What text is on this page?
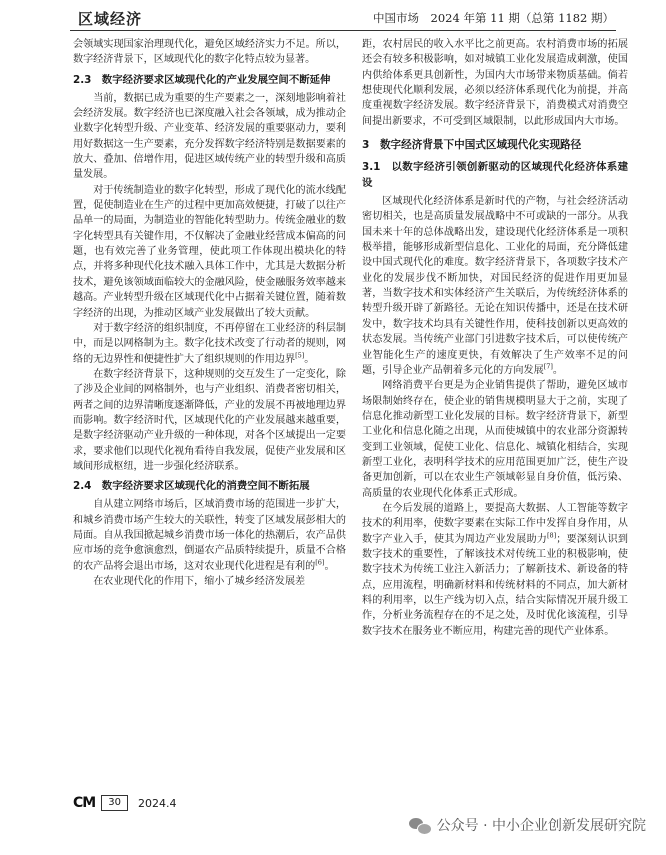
区域经济	中国市场　2024 年第 11 期（总第 1182 期）

会领域实现国家治理现代化，避免区域经济实力不足。所以，数字经济背景下，区域现代化的数字化特点较为显著。

2.3　数字经济要求区域现代化的产业发展空间不断延伸

当前，数据已成为重要的生产要素之一，深刻地影响着社会经济发展。数字经济也已深度融入社会各领域，成为推动企业数字化转型升级、产业变革、经济发展的重要驱动力，要利用好数据这一生产要素，充分发挥数字经济特别是数据要素的放大、叠加、倍增作用，促进区域传统产业的转型升级和高质量发展。

对于传统制造业的数字化转型，形成了现代化的流水线配置，促使制造业在生产的过程中更加高效便捷，打破了以往产品单一的局面，为制造业的智能化转型助力。传统金融业的数字化转型具有关键作用，不仅解决了金融业经营成本偏高的问题，也有效完善了业务管理，使此项工作体现出模块化的特点，并将多种现代化技术融入具体工作中，尤其是大数据分析技术，避免该领域面临较大的金融风险，使金融服务效率越来越高。产业转型升级在区域现代化中占据着关键位置，随着数字经济的出现，为推动区域产业发展做出了较大贡献。

对于数字经济的组织制度，不再停留在工业经济的科层制中，而是以网格制为主。数字化技术改变了行动者的规则，网络的无边界性和便捷性扩大了组织规则的作用边界[5]。

在数字经济背景下，这种规则的交互发生了一定变化，除了涉及企业间的网格制外，也与产业组织、消费者密切相关，两者之间的边界清晰度逐渐降低，产业的发展不再被地理边界而影响。数字经济时代，区域现代化的产业发展越来越重要，是数字经济驱动产业升级的一种体现，对各个区域提出一定要求，要求他们以现代化视角看待自我发展，促使产业发展和区域间形成枢纽，进一步强化经济联系。

2.4　数字经济要求区域现代化的消费空间不断拓展

自从建立网络市场后，区域消费市场的范围进一步扩大，和城乡消费市场产生较大的关联性，转变了区域发展彭相大的局面。自从我国掀起城乡消费市场一体化的热潮后，农产品供应市场的竞争愈演愈烈，倒逼农产品质特续提升，质量不合格的农产品将会退出市场，这对农业现代化进程是有利的[6]。

在农业现代化的作用下，缩小了城乡经济发展差

距，农村居民的收入水平比之前更高。农村消费市场的拓展还会有较多积极影响，如对城镇工业化发展造成刺激，使国内供给体系更具创新性，为国内大市场带来物质基础。倘若想使现代化顺利发展，必须以经济体系现代化为前提，并高度重视数字经济发展。数字经济背景下，消费模式对消费空间提出新要求，不可受到区域限制，以此形成国内大市场。

3　数字经济背景下中国式区域现代化实现路径
3.1　以数字经济引领创新驱动的区域现代化经济体系建设

区域现代化经济体系是新时代的产物，与社会经济活动密切相关，也是高质量发展战略中不可或缺的一部分。从我国未来十年的总体战略出发，建设现代化经济体系是一项积极举措，能够形成新型信息化、工业化的局面，充分降低建设中国式现代化的难度。数字经济背景下，各项数字技术产业化的发展步伐不断加快，对国民经济的促进作用更加显著，当数字技术和实体经济产生关联后，为传统经济体系的转型升级开辟了新路径。无论在知识传播中，还是在技术研发中，数字技术均具有关键性作用，使科技创新以更高效的状态发展。当传统产业部门引进数字技术后，可以使传统产业智能化生产的速度更快，有效解决了生产效率不足的问题，引导企业产品朝着多元化的方向发展[7]。

网络消费平台更是为企业销售提供了帮助，避免区域市场限制始终存在，使企业的销售规模明显大于之前，实现了信息化推动新型工业化发展的目标。数字经济背景下，新型工业化和信息化随之出现，从而使城镇中的农业部分资源转变到工业领域，促使工业化、信息化、城镇化相结合，实现新型工业化，表明科学技术的应用范围更加广泛，使生产设备更加创新，可以在农业生产领域彰显自身价值，低污染、高质量的农业现代化体系正式形成。

在今后发展的道路上，要提高大数据、人工智能等数字技术的利用率，使数字要素在实际工作中发挥自身作用，从数字产业入手，使其为周边产业发展助力[8]；要深刻认识到数字技术的重要性，了解该技术对传统工业的积极影响，使数字技术为传统工业注入新活力；了解新技术、新设备的特点，应用流程，明确新材料和传统材料的不同点，加大新材料的利用率，以生产线为切入点，结合实际情况开展升级工作，分析业务流程存在的不足之处，及时优化该流程，引导数字技术在服务业不断应用，构建完善的现代产业体系。

CM	30	2024.4
公众号 · 中小企业创新发展研究院
